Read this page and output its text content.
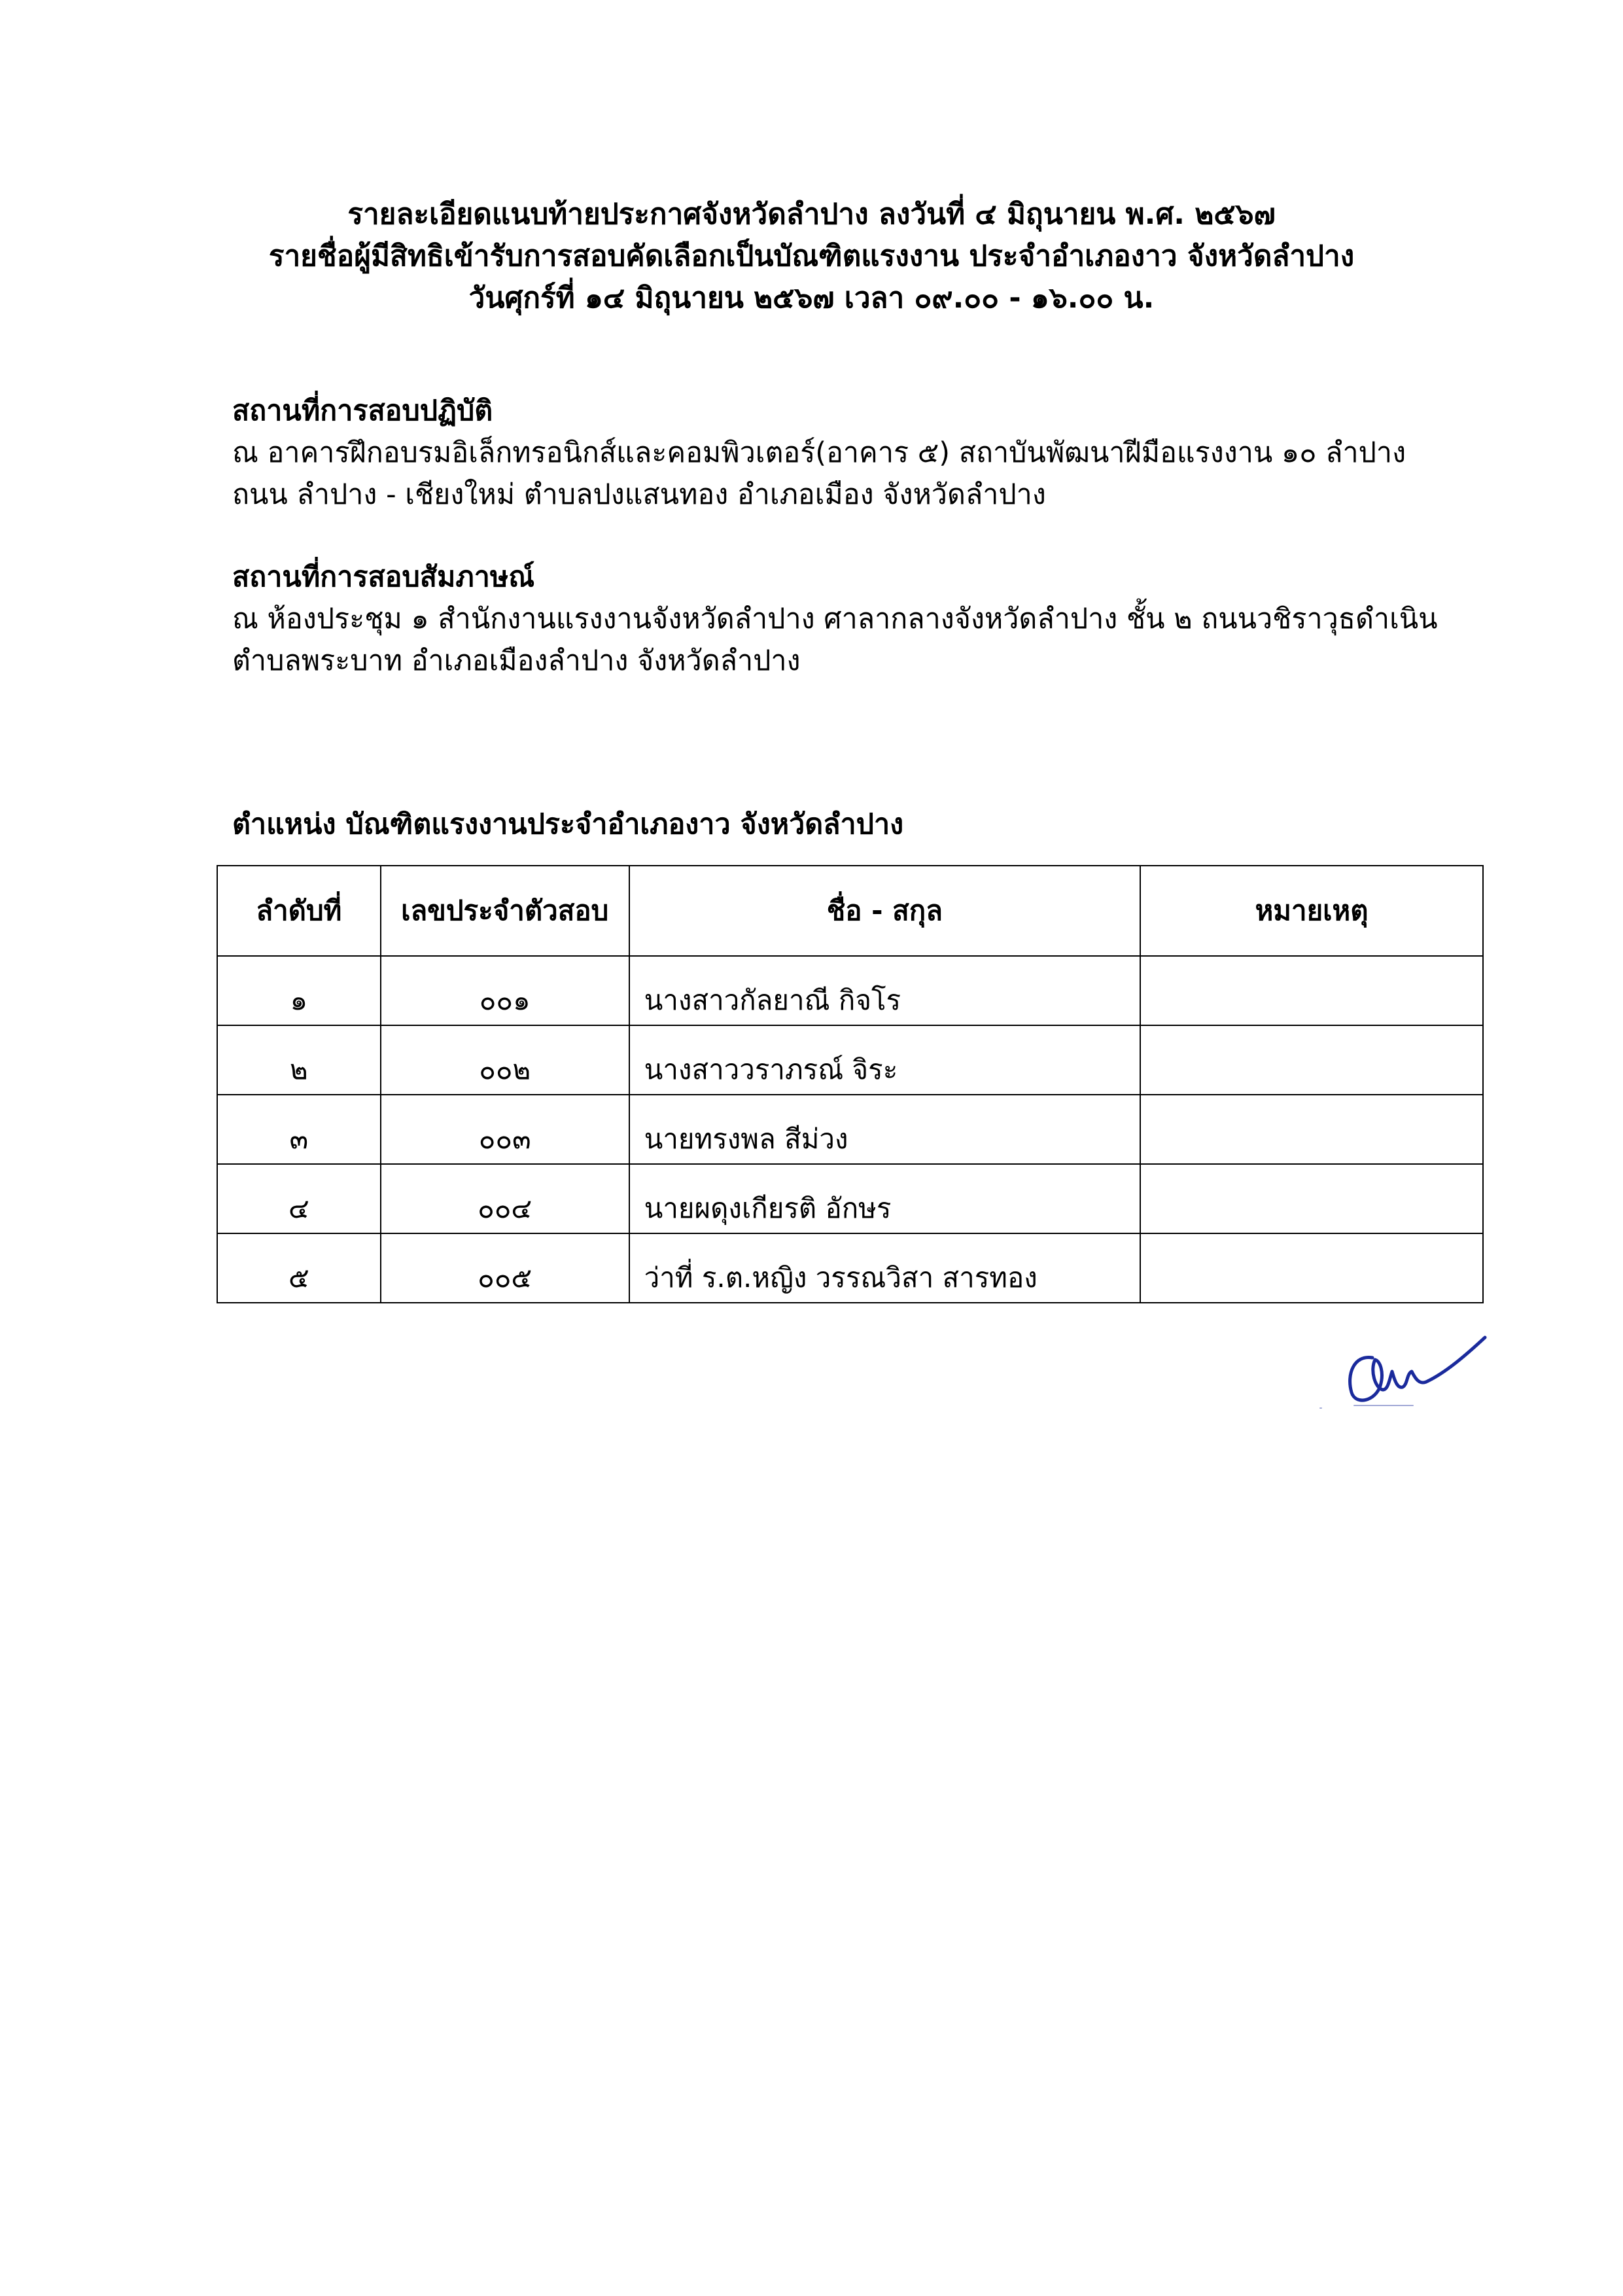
รายละเอียดแนบท้ายประกาศจังหวัดลำปาง ลงวันที่ ๔ มิถุนายน พ.ศ. ๒๕๖๗
รายชื่อผู้มีสิทธิเข้ารับการสอบคัดเลือกเป็นบัณฑิตแรงงาน ประจำอำเภองาว จังหวัดลำปาง
วันศุกร์ที่ ๑๔ มิถุนายน ๒๕๖๗ เวลา ๐๙.๐๐ - ๑๖.๐๐ น.
สถานที่การสอบปฏิบัติ
ณ อาคารฝึกอบรมอิเล็กทรอนิกส์และคอมพิวเตอร์(อาคาร ๕) สถาบันพัฒนาฝีมือแรงงาน ๑๐ ลำปาง
ถนน ลำปาง - เชียงใหม่ ตำบลปงแสนทอง อำเภอเมือง จังหวัดลำปาง
สถานที่การสอบสัมภาษณ์
ณ ห้องประชุม ๑ สำนักงานแรงงานจังหวัดลำปาง ศาลากลางจังหวัดลำปาง ชั้น ๒ ถนนวชิราวุธดำเนิน
ตำบลพระบาท อำเภอเมืองลำปาง จังหวัดลำปาง
ตำแหน่ง บัณฑิตแรงงานประจำอำเภองาว จังหวัดลำปาง
ลำดับที่	เลขประจำตัวสอบ	ชื่อ - สกุล	หมายเหตุ
๑	๐๐๑	นางสาวกัลยาณี กิจโร	
๒	๐๐๒	นางสาววราภรณ์ จิระ	
๓	๐๐๓	นายทรงพล สีม่วง	
๔	๐๐๔	นายผดุงเกียรติ อักษร	
๕	๐๐๕	ว่าที่ ร.ต.หญิง วรรณวิสา สารทอง	
